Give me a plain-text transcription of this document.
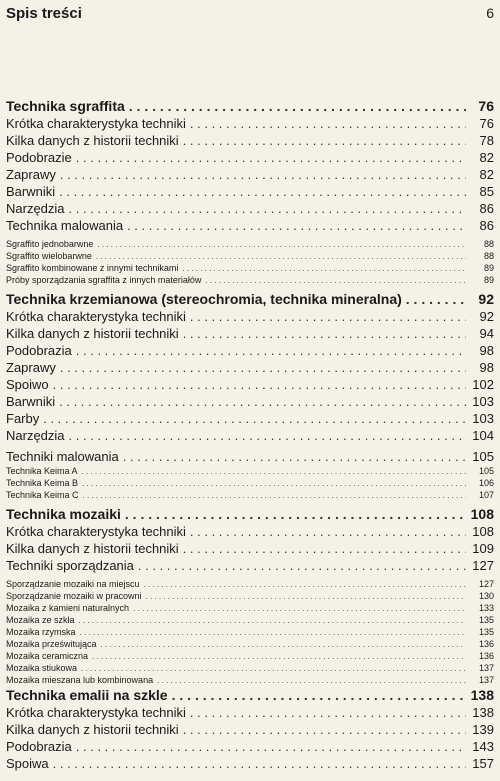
Spis treści	6
Technika sgraffita . . .	76
Krótka charakterystyka techniki . . .	76
Kilka danych z historii techniki . . .	78
Podobrazie . . .	82
Zaprawy . . .	82
Barwniki . . .	85
Narzędzia . . .	86
Technika malowania . . .	86
Sgraffito jednobarwne . . .	88
Sgraffito wielobarwne . . .	88
Sgraffito kombinowane z innymi technikami . . .	89
Próby sporządzania sgraffita z innych materiałów . . .	89
Technika krzemianowa (stereochromia, technika mineralna) . . .	92
Krótka charakterystyka techniki . . .	92
Kilka danych z historii techniki . . .	94
Podobrazia . . .	98
Zaprawy . . .	98
Spoiwo . . .	102
Barwniki . . .	103
Farby . . .	103
Narzędzia . . .	104
Techniki malowania . . .	105
Technika Keima A . . .	105
Technika Keima B . . .	106
Technika Keima C . . .	107
Technika mozaiki . . .	108
Krótka charakterystyka techniki . . .	108
Kilka danych z historii techniki . . .	109
Techniki sporządzania . . .	127
Sporządzanie mozaiki na miejscu . . .	127
Sporządzanie mozaiki w pracowni . . .	130
Mozaika z kamieni naturalnych . . .	133
Mozaika ze szkła . . .	135
Mozaika rzymska . . .	135
Mozaika prześwitująca . . .	136
Mozaika ceramiczna . . .	136
Mozaika stiukowa . . .	137
Mozaika mieszana lub kombinowana . . .	137
Technika emalii na szkle . . .	138
Krótka charakterystyka techniki . . .	138
Kilka danych z historii techniki . . .	139
Podobrazia . . .	143
Spoiwa . . .	157
